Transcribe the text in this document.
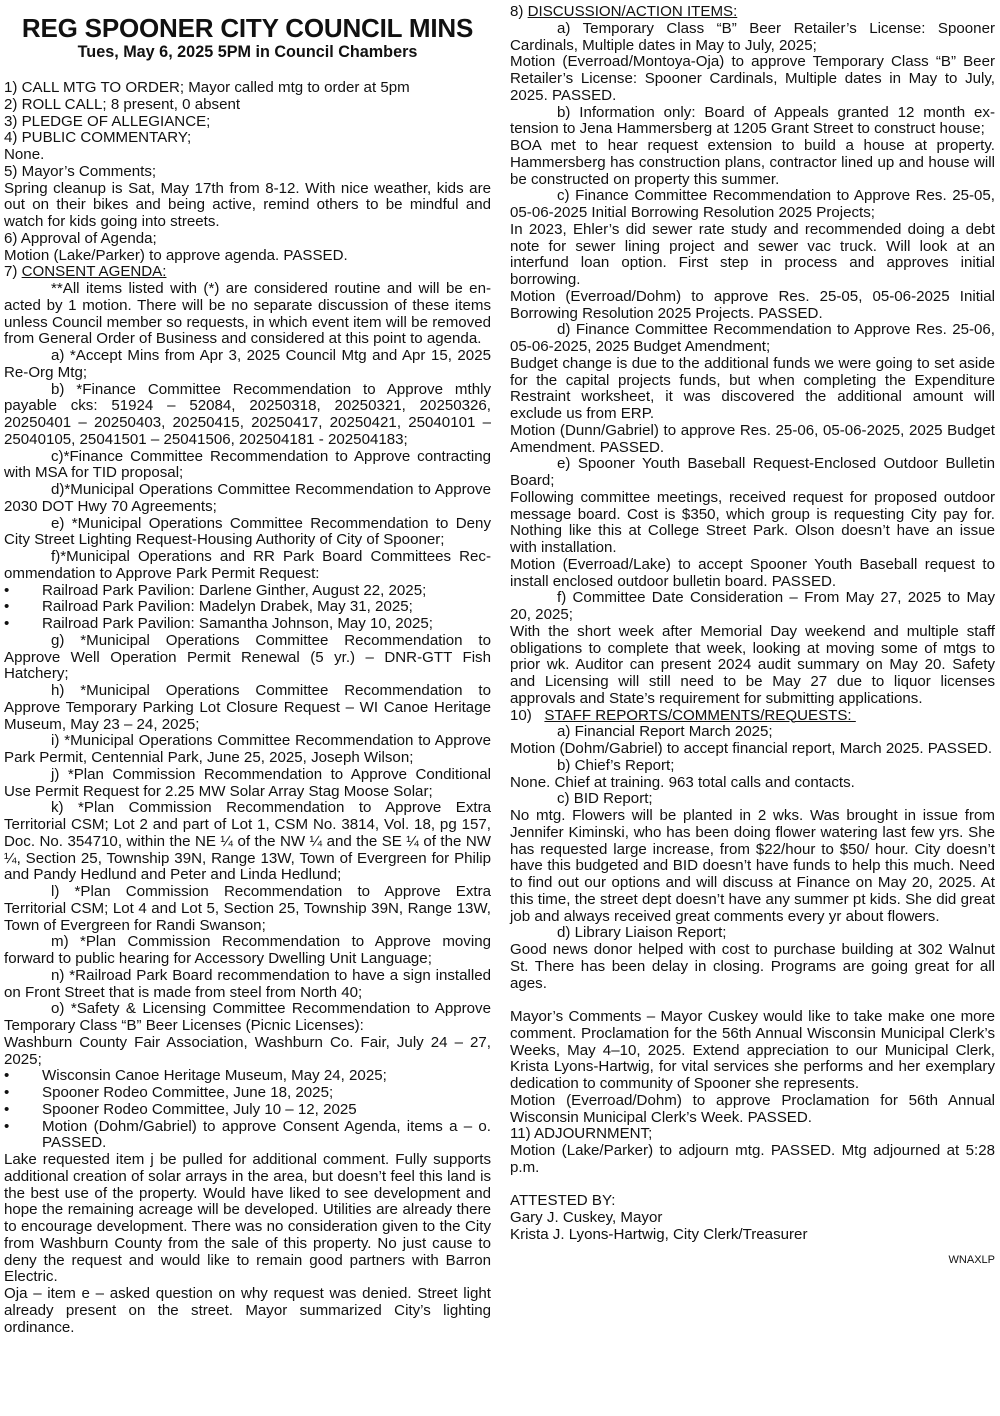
REG SPOONER CITY COUNCIL MINS
Tues, May 6, 2025 5PM in Council Chambers

1) CALL MTG TO ORDER; Mayor called mtg to order at 5pm

2) ROLL CALL; 8 present, 0 absent

3) PLEDGE OF ALLEGIANCE;

4) PUBLIC COMMENTARY;

None.

5) Mayor’s Comments;

Spring cleanup is Sat, May 17th from 8-12. With nice weather, kids are out on their bikes and being active, remind others to be mindful and watch for kids going into streets.

6) Approval of Agenda;

Motion (Lake/Parker) to approve agenda. PASSED.

7) CONSENT AGENDA:

**All items listed with (*) are considered routine and will be enacted by 1 motion. There will be no separate discussion of these items unless Council member so requests, in which event item will be removed from General Order of Business and considered at this point to agenda.

a) *Accept Mins from Apr 3, 2025 Council Mtg and Apr 15, 2025 Re-Org Mtg;

b) *Finance Committee Recommendation to Approve mthly payable cks: 51924 – 52084, 20250318, 20250321, 20250326, 20250401 – 20250403, 20250415, 20250417, 20250421, 25040101 – 25040105, 25041501 – 25041506, 202504181 - 202504183;

c)*Finance Committee Recommendation to Approve contracting with MSA for TID proposal;

d)*Municipal Operations Committee Recommendation to Approve 2030 DOT Hwy 70 Agreements;

e) *Municipal Operations Committee Recommendation to Deny City Street Lighting Request-Housing Authority of City of Spooner;

f)*Municipal Operations and RR Park Board Committees Recommendation to Approve Park Permit Request:

• Railroad Park Pavilion: Darlene Ginther, August 22, 2025;
• Railroad Park Pavilion: Madelyn Drabek, May 31, 2025;
• Railroad Park Pavilion: Samantha Johnson, May 10, 2025;

g) *Municipal Operations Committee Recommendation to Approve Well Operation Permit Renewal (5 yr.) – DNR-GTT Fish Hatchery;

h) *Municipal Operations Committee Recommendation to Approve Temporary Parking Lot Closure Request – WI Canoe Heritage Museum, May 23 – 24, 2025;

i) *Municipal Operations Committee Recommendation to Approve Park Permit, Centennial Park, June 25, 2025, Joseph Wilson;

j) *Plan Commission Recommendation to Approve Conditional Use Permit Request for 2.25 MW Solar Array Stag Moose Solar;

k) *Plan Commission Recommendation to Approve Extra Territorial CSM; Lot 2 and part of Lot 1, CSM No. 3814, Vol. 18, pg 157, Doc. No. 354710, within the NE ¼ of the NW ¼ and the SE ¼ of the NW ¼, Section 25, Township 39N, Range 13W, Town of Evergreen for Philip and Pandy Hedlund and Peter and Linda Hedlund;

l) *Plan Commission Recommendation to Approve Extra Territorial CSM; Lot 4 and Lot 5, Section 25, Township 39N, Range 13W, Town of Evergreen for Randi Swanson;

m) *Plan Commission Recommendation to Approve moving forward to public hearing for Accessory Dwelling Unit Language;

n) *Railroad Park Board recommendation to have a sign installed on Front Street that is made from steel from North 40;

o) *Safety & Licensing Committee Recommendation to Approve Temporary Class “B” Beer Licenses (Picnic Licenses):

Washburn County Fair Association, Washburn Co. Fair, July 24 – 27, 2025;

• Wisconsin Canoe Heritage Museum, May 24, 2025;
• Spooner Rodeo Committee, June 18, 2025;
• Spooner Rodeo Committee, July 10 – 12, 2025
• Motion (Dohm/Gabriel) to approve Consent Agenda, items a – o. PASSED.

Lake requested item j be pulled for additional comment. Fully supports additional creation of solar arrays in the area, but doesn’t feel this land is the best use of the property. Would have liked to see development and hope the remaining acreage will be developed. Utilities are already there to encourage development. There was no consideration given to the City from Washburn County from the sale of this property. No just cause to deny the request and would like to remain good partners with Barron Electric.

Oja – item e – asked question on why request was denied. Street light already present on the street. Mayor summarized City’s lighting ordinance.

8) DISCUSSION/ACTION ITEMS:

a) Temporary Class “B” Beer Retailer’s License: Spooner Cardinals, Multiple dates in May to July, 2025;

Motion (Everroad/Montoya-Oja) to approve Temporary Class “B” Beer Retailer’s License: Spooner Cardinals, Multiple dates in May to July, 2025. PASSED.

b) Information only: Board of Appeals granted 12 month extension to Jena Hammersberg at 1205 Grant Street to construct house;

BOA met to hear request extension to build a house at property. Hammersberg has construction plans, contractor lined up and house will be constructed on property this summer.

c) Finance Committee Recommendation to Approve Res. 25-05, 05-06-2025 Initial Borrowing Resolution 2025 Projects;

In 2023, Ehler’s did sewer rate study and recommended doing a debt note for sewer lining project and sewer vac truck. Will look at an interfund loan option. First step in process and approves initial borrowing.

Motion (Everroad/Dohm) to approve Res. 25-05, 05-06-2025 Initial Borrowing Resolution 2025 Projects. PASSED.

d) Finance Committee Recommendation to Approve Res. 25-06, 05-06-2025, 2025 Budget Amendment;

Budget change is due to the additional funds we were going to set aside for the capital projects funds, but when completing the Expenditure Restraint worksheet, it was discovered the additional amount will exclude us from ERP.

Motion (Dunn/Gabriel) to approve Res. 25-06, 05-06-2025, 2025 Budget Amendment. PASSED.

e) Spooner Youth Baseball Request-Enclosed Outdoor Bulletin Board;

Following committee meetings, received request for proposed outdoor message board. Cost is $350, which group is requesting City pay for. Nothing like this at College Street Park. Olson doesn’t have an issue with installation.

Motion (Everroad/Lake) to accept Spooner Youth Baseball request to install enclosed outdoor bulletin board. PASSED.

f) Committee Date Consideration – From May 27, 2025 to May 20, 2025;

With the short week after Memorial Day weekend and multiple staff obligations to complete that week, looking at moving some of mtgs to prior wk. Auditor can present 2024 audit summary on May 20. Safety and Licensing will still need to be May 27 due to liquor licenses approvals and State’s requirement for submitting applications.

10)   STAFF REPORTS/COMMENTS/REQUESTS:

a) Financial Report March 2025;

Motion (Dohm/Gabriel) to accept financial report, March 2025. PASSED.

b) Chief’s Report;

None. Chief at training. 963 total calls and contacts.

c) BID Report;

No mtg. Flowers will be planted in 2 wks. Was brought in issue from Jennifer Kiminski, who has been doing flower watering last few yrs. She has requested large increase, from $22/hour to $50/ hour. City doesn’t have this budgeted and BID doesn’t have funds to help this much. Need to find out our options and will discuss at Finance on May 20, 2025. At this time, the street dept doesn’t have any summer pt kids. She did great job and always received great comments every yr about flowers.

d) Library Liaison Report;

Good news donor helped with cost to purchase building at 302 Walnut St. There has been delay in closing. Programs are going great for all ages.

Mayor’s Comments – Mayor Cuskey would like to take make one more comment. Proclamation for the 56th Annual Wisconsin Municipal Clerk’s Weeks, May 4–10, 2025. Extend appreciation to our Municipal Clerk, Krista Lyons-Hartwig, for vital services she performs and her exemplary dedication to community of Spooner she represents.

Motion (Everroad/Dohm) to approve Proclamation for 56th Annual Wisconsin Municipal Clerk’s Week. PASSED.

11) ADJOURNMENT;

Motion (Lake/Parker) to adjourn mtg. PASSED. Mtg adjourned at 5:28 p.m.

ATTESTED BY:

Gary J. Cuskey, Mayor

Krista J. Lyons-Hartwig, City Clerk/Treasurer

WNAXLP
